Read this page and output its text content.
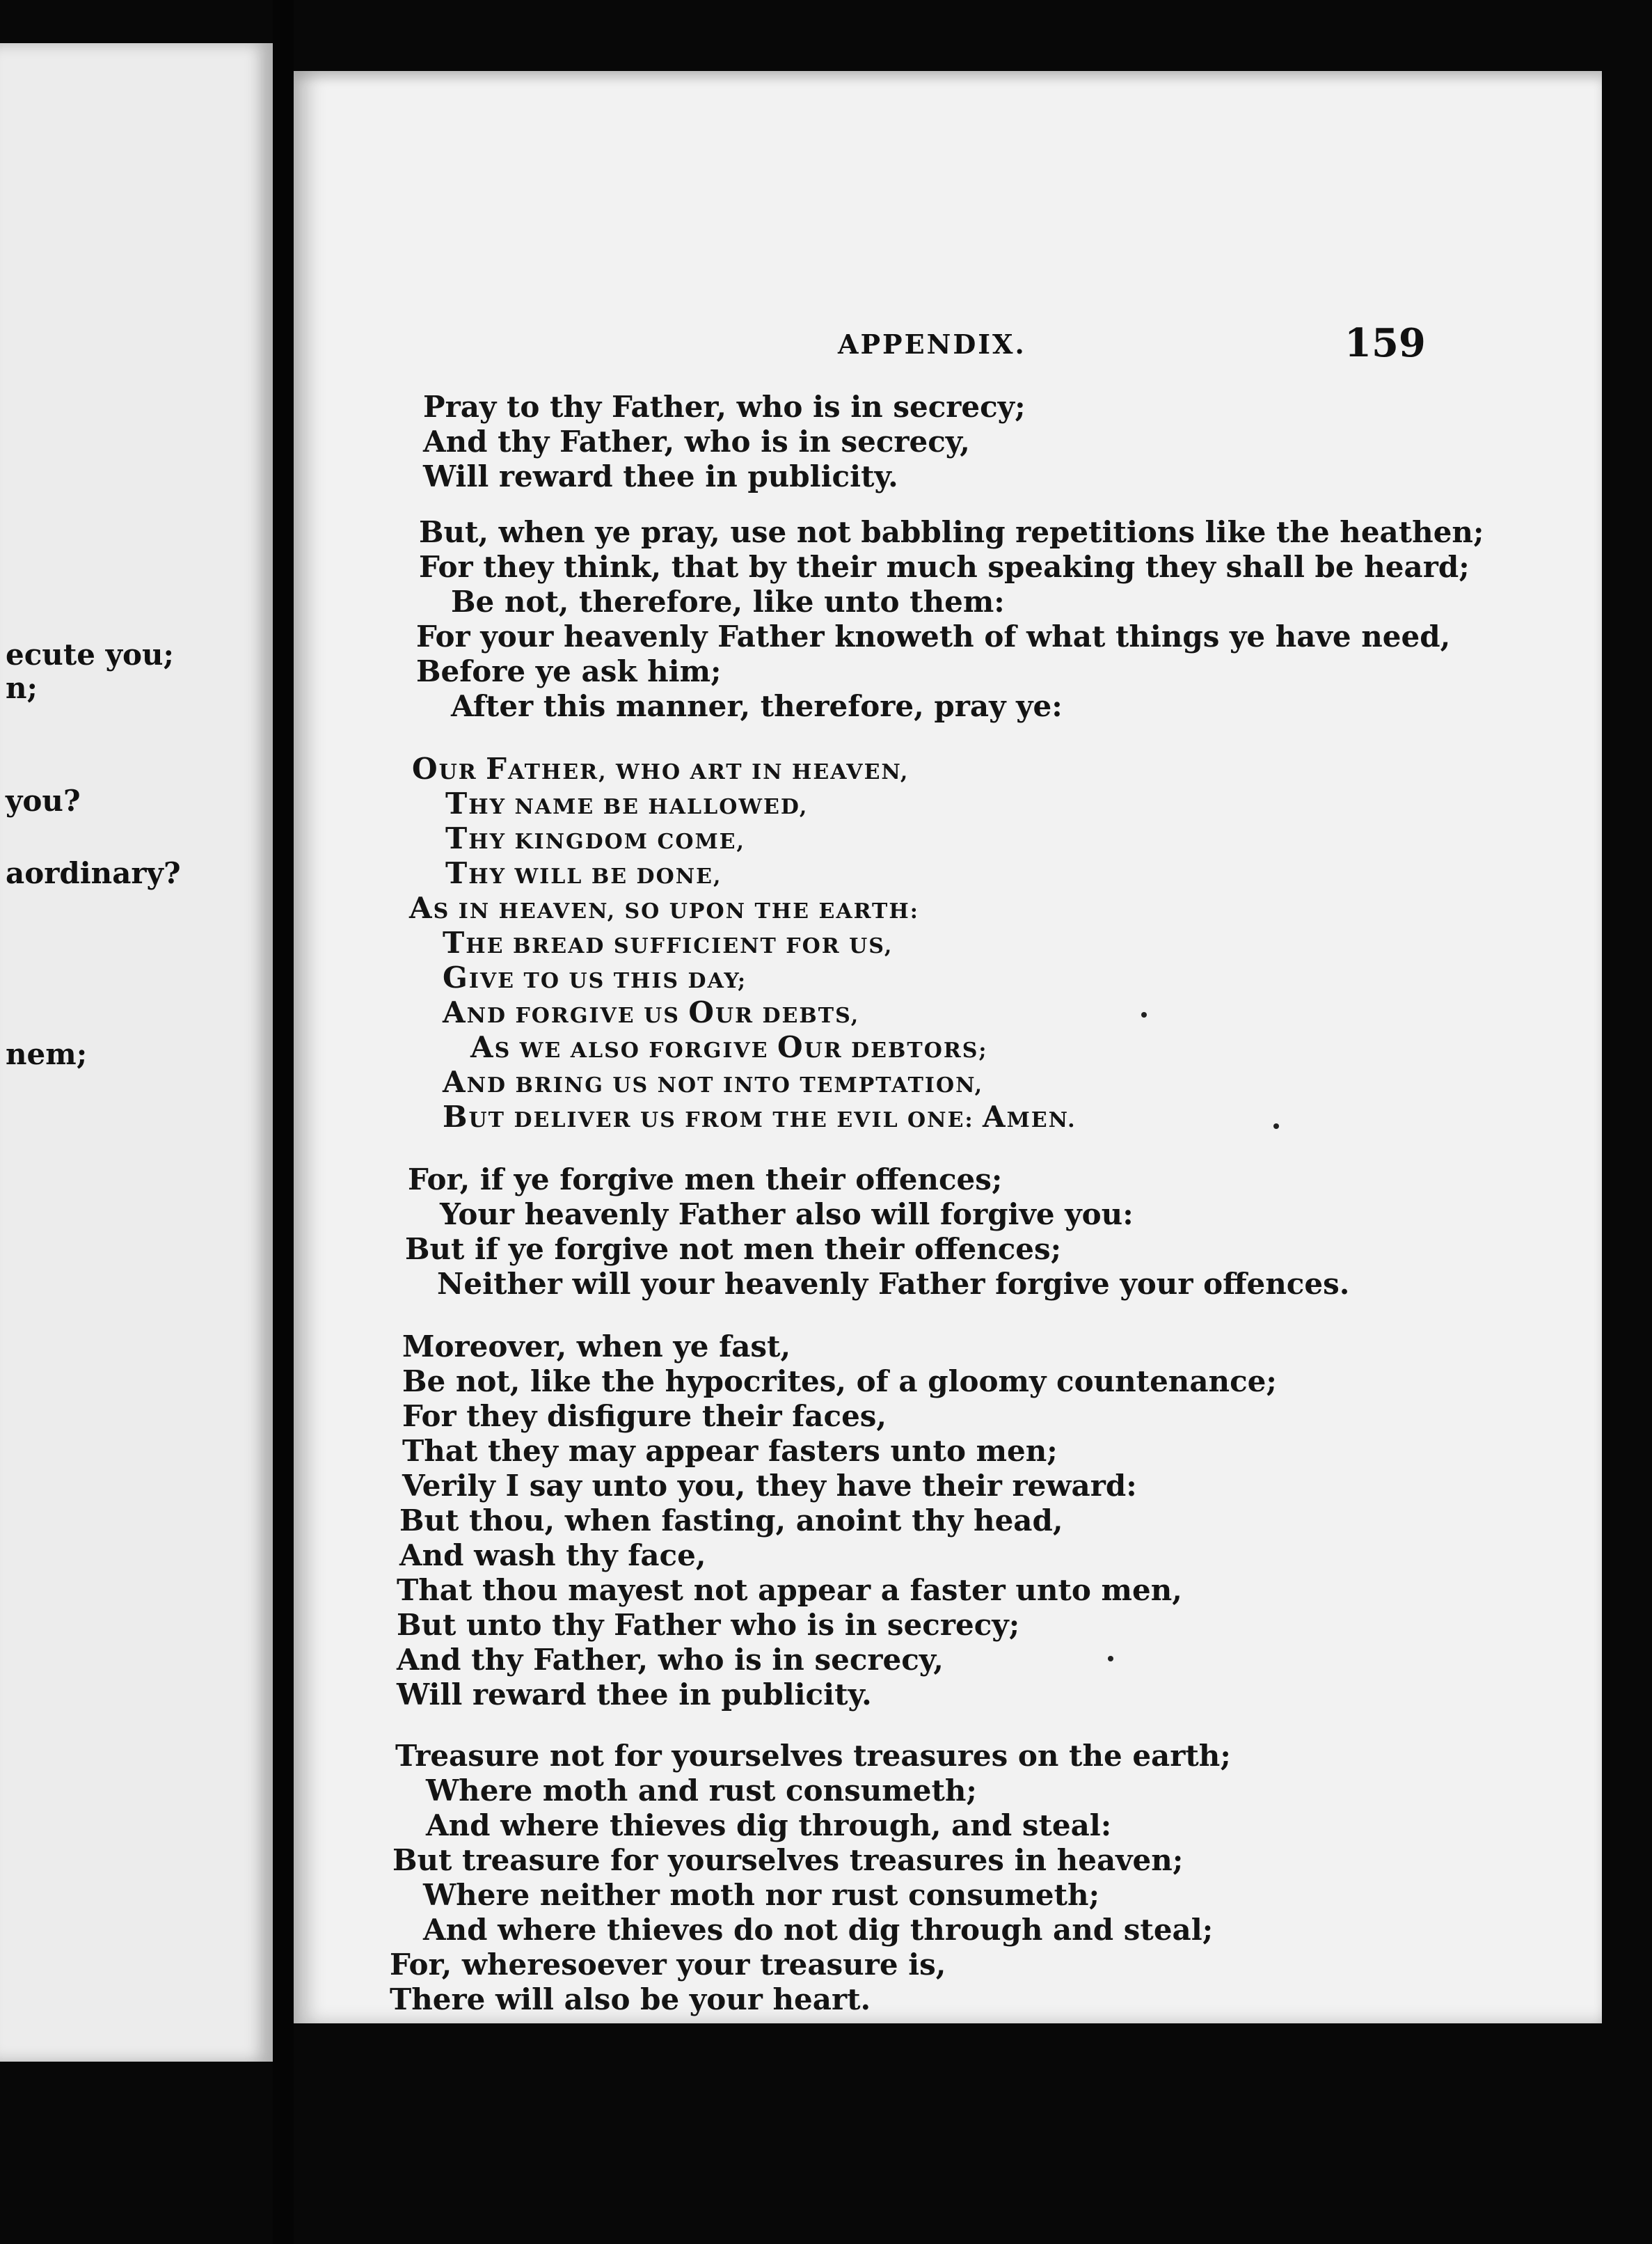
ecute you;
n;
you?
aordinary?
nem;
APPENDIX.	159
Pray to thy Father, who is in secrecy;
And thy Father, who is in secrecy,
Will reward thee in publicity.
But, when ye pray, use not babbling repetitions like the heathen;
For they think, that by their much speaking they shall be heard;
Be not, therefore, like unto them:
For your heavenly Father knoweth of what things ye have need,
Before ye ask him;
After this manner, therefore, pray ye:
OUR FATHER, WHO ART IN HEAVEN,
THY NAME BE HALLOWED,
THY KINGDOM COME,
THY WILL BE DONE,
AS IN HEAVEN, SO UPON THE EARTH:
THE BREAD SUFFICIENT FOR US,
GIVE TO US THIS DAY;
AND FORGIVE US OUR DEBTS,
AS WE ALSO FORGIVE OUR DEBTORS;
AND BRING US NOT INTO TEMPTATION,
BUT DELIVER US FROM THE EVIL ONE: AMEN.
For, if ye forgive men their offences;
Your heavenly Father also will forgive you:
But if ye forgive not men their offences;
Neither will your heavenly Father forgive your offences.
Moreover, when ye fast,
Be not, like the hypocrites, of a gloomy countenance;
For they disfigure their faces,
That they may appear fasters unto men;
Verily I say unto you, they have their reward:
But thou, when fasting, anoint thy head,
And wash thy face,
That thou mayest not appear a faster unto men,
But unto thy Father who is in secrecy;
And thy Father, who is in secrecy,
Will reward thee in publicity.
Treasure not for yourselves treasures on the earth;
Where moth and rust consumeth;
And where thieves dig through, and steal:
But treasure for yourselves treasures in heaven;
Where neither moth nor rust consumeth;
And where thieves do not dig through and steal;
For, wheresoever your treasure is,
There will also be your heart.
